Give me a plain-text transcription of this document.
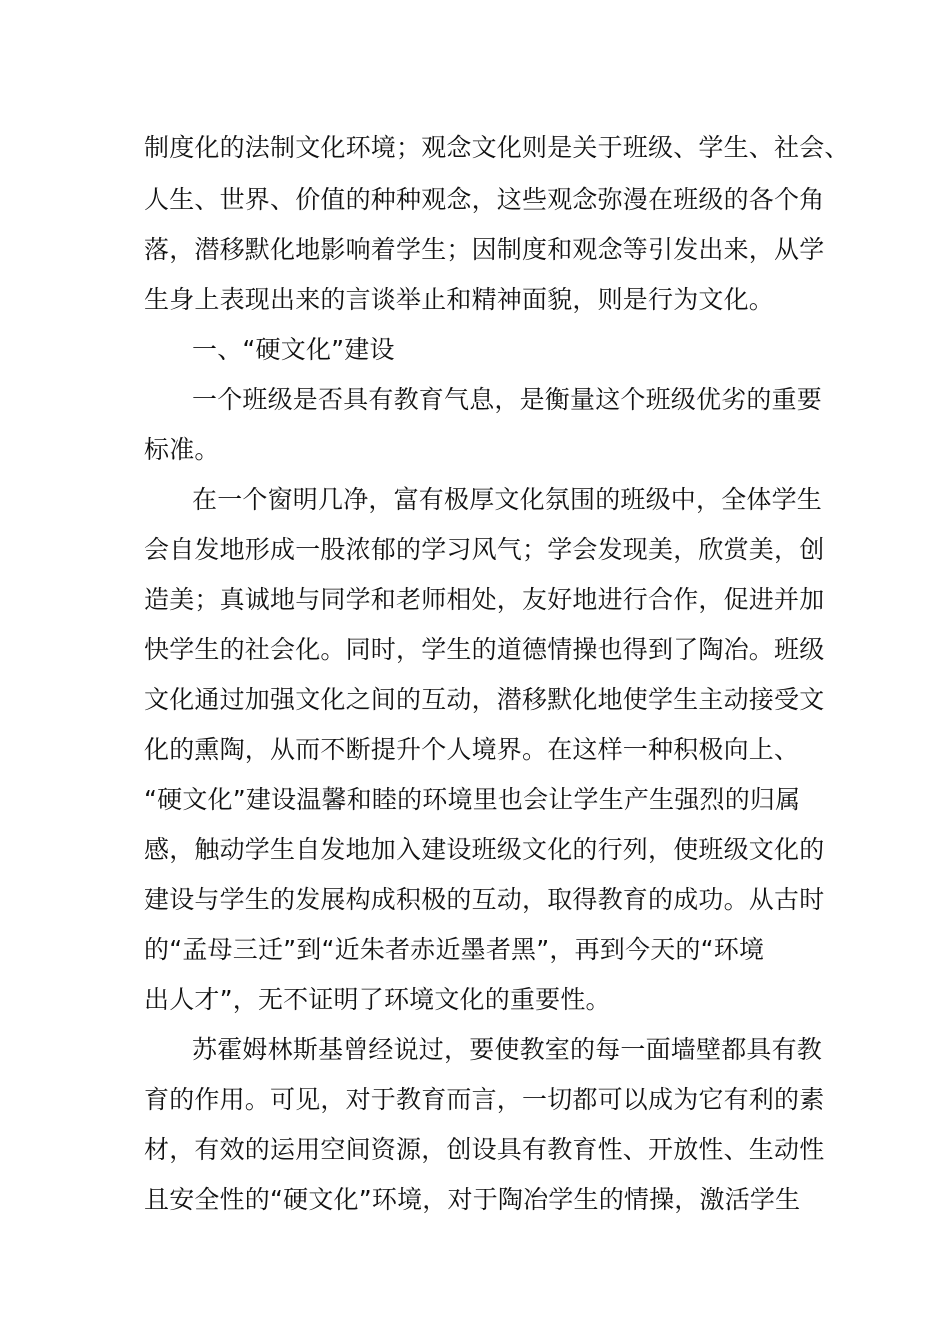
制度化的法制文化环境；观念文化则是关于班级、学生、社会、

人生、世界、价值的种种观念，这些观念弥漫在班级的各个角

落，潜移默化地影响着学生；因制度和观念等引发出来，从学

生身上表现出来的言谈举止和精神面貌，则是行为文化。

一、“硬文化”建设

一个班级是否具有教育气息，是衡量这个班级优劣的重要

标准。

在一个窗明几净，富有极厚文化氛围的班级中，全体学生

会自发地形成一股浓郁的学习风气；学会发现美，欣赏美，创

造美；真诚地与同学和老师相处，友好地进行合作，促进并加

快学生的社会化。同时，学生的道德情操也得到了陶冶。班级

文化通过加强文化之间的互动，潜移默化地使学生主动接受文

化的熏陶，从而不断提升个人境界。在这样一种积极向上、

“硬文化”建设温馨和睦的环境里也会让学生产生强烈的归属

感，触动学生自发地加入建设班级文化的行列，使班级文化的

建设与学生的发展构成积极的互动，取得教育的成功。从古时

的“孟母三迁”到“近朱者赤近墨者黑”，再到今天的“环境

出人才”，无不证明了环境文化的重要性。

苏霍姆林斯基曾经说过，要使教室的每一面墙壁都具有教

育的作用。可见，对于教育而言，一切都可以成为它有利的素

材，有效的运用空间资源，创设具有教育性、开放性、生动性

且安全性的“硬文化”环境，对于陶冶学生的情操，激活学生
